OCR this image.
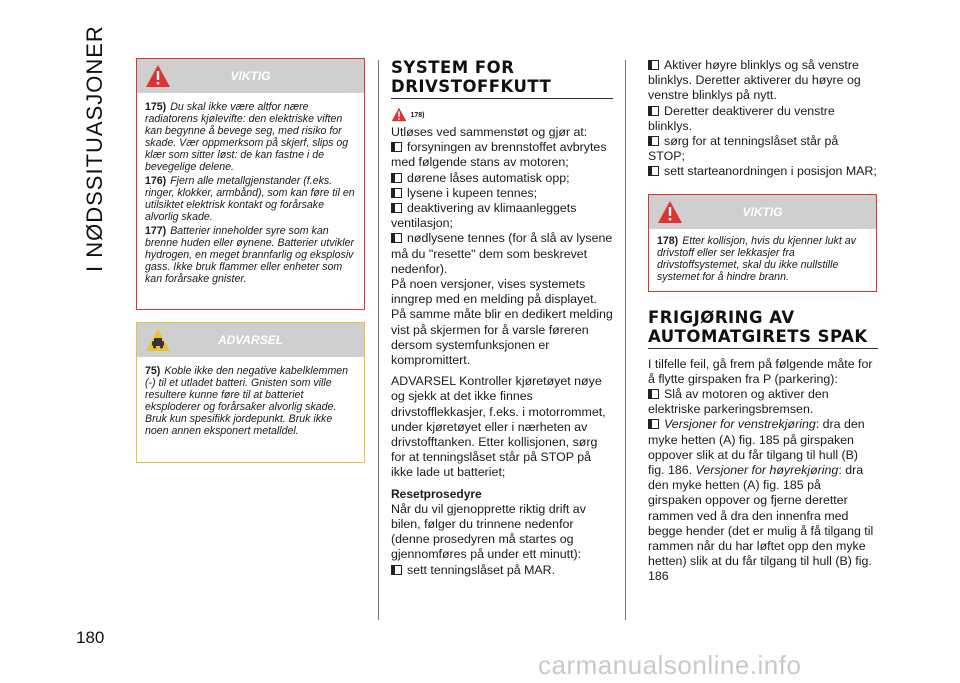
I NØDSSITUASJONER
180
VIKTIG

175) Du skal ikke være altfor nære radiatorens kjølevifte: den elektriske viften kan begynne å bevege seg, med risiko for skade. Vær oppmerksom på skjerf, slips og klær som sitter løst: de kan fastne i de bevegelige delene.

176) Fjern alle metallgjenstander (f.eks. ringer, klokker, armbånd), som kan føre til en utilsiktet elektrisk kontakt og forårsake alvorlig skade.

177) Batterier inneholder syre som kan brenne huden eller øynene. Batterier utvikler hydrogen, en meget brannfarlig og eksplosiv gass. Ikke bruk flammer eller enheter som kan forårsake gnister.

ADVARSEL

75) Koble ikke den negative kabelklemmen (-) til et utladet batteri. Gnisten som ville resultere kunne føre til at batteriet eksploderer og forårsaker alvorlig skade. Bruk kun spesifikk jordepunkt. Bruk ikke noen annen eksponert metalldel.

SYSTEM FOR
DRIVSTOFFKUTT
$^{178)}$

Utløses ved sammenstøt og gjør at:

forsyningen av brennstoffet avbrytes med følgende stans av motoren;

dørene låses automatisk opp;

lysene i kupeen tennes;

deaktivering av klimaanleggets ventilasjon;

nødlysene tennes (for å slå av lysene må du "resette" dem som beskrevet nedenfor).

På noen versjoner, vises systemets inngrep med en melding på displayet. På samme måte blir en dedikert melding vist på skjermen for å varsle føreren dersom systemfunksjonen er kompromittert.

ADVARSEL Kontroller kjøretøyet nøye og sjekk at det ikke finnes drivstofflekkasjer, f.eks. i motorrommet, under kjøretøyet eller i nærheten av drivstofftanken. Etter kollisjonen, sørg for at tenningslåset står på STOP på ikke lade ut batteriet;

Resetprosedyre

Når du vil gjenopprette riktig drift av bilen, følger du trinnene nedenfor (denne prosedyren må startes og gjennomføres på under ett minutt):

sett tenningslåset på MAR.

Aktiver høyre blinklys og så venstre blinklys. Deretter aktiverer du høyre og venstre blinklys på nytt.

Deretter deaktiverer du venstre blinklys.

sørg for at tenningslåset står på STOP;

sett starteanordningen i posisjon MAR;

VIKTIG

178) Etter kollisjon, hvis du kjenner lukt av drivstoff eller ser lekkasjer fra drivstoffsystemet, skal du ikke nullstille systemet for å hindre brann.

FRIGJØRING AV
AUTOMATGIRETS SPAK

I tilfelle feil, gå frem på følgende måte for å flytte girspaken fra P (parkering):

Slå av motoren og aktiver den elektriske parkeringsbremsen.

Versjoner for venstrekjøring: dra den myke hetten (A) fig. 185 på girspaken oppover slik at du får tilgang til hull (B) fig. 186. Versjoner for høyrekjøring: dra den myke hetten (A) fig. 185 på girspaken oppover og fjerne deretter rammen ved å dra den innenfra med begge hender (det er mulig å få tilgang til rammen når du har løftet opp den myke hetten) slik at du får tilgang til hull (B) fig. 186

carmanualsonline.info
